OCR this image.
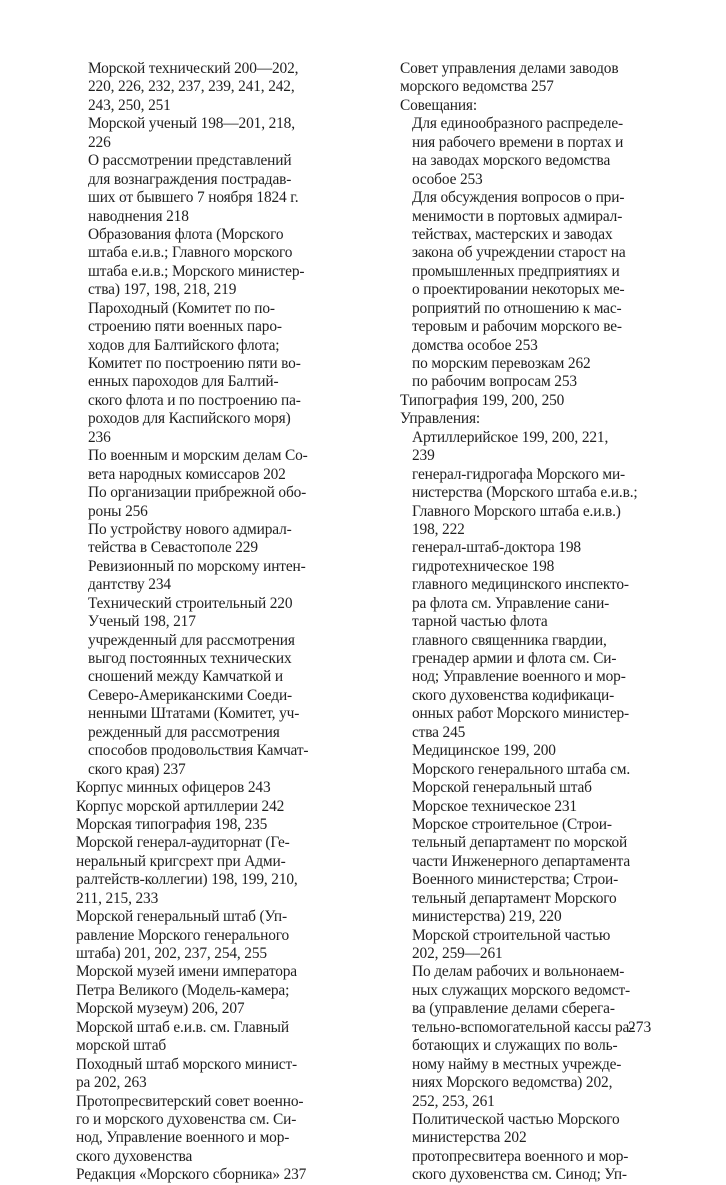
Морской технический 200—202,
220, 226, 232, 237, 239, 241, 242,
243, 250, 251
Морской ученый 198—201, 218,
226
О рассмотрении представлений
для вознаграждения пострадав-
ших от бывшего 7 ноября 1824 г.
наводнения 218
Образования флота (Морского
штаба е.и.в.; Главного морского
штаба е.и.в.; Морского министер-
ства) 197, 198, 218, 219
Пароходный (Комитет по по-
строению пяти военных паро-
ходов для Балтийского флота;
Комитет по построению пяти во-
енных пароходов для Балтий-
ского флота и по построению па-
роходов для Каспийского моря)
236
По военным и морским делам Со-
вета народных комиссаров 202
По организации прибрежной обо-
роны 256
По устройству нового адмирал-
тейства в Севастополе 229
Ревизионный по морскому интен-
дантству 234
Технический строительный 220
Ученый 198, 217
учрежденный для рассмотрения
выгод постоянных технических
сношений между Камчаткой и
Северо-Американскими Соеди-
ненными Штатами (Комитет, уч-
режденный для рассмотрения
способов продовольствия Камчат-
ского края) 237
Корпус минных офицеров 243
Корпус морской артиллерии 242
Морская типография 198, 235
Морской генерал-аудиторнат (Ге-
неральный кригсрехт при Адми-
ралтейств-коллегии) 198, 199, 210,
211, 215, 233
Морской генеральный штаб (Уп-
равление Морского генерального
штаба) 201, 202, 237, 254, 255
Морской музей имени императора
Петра Великого (Модель-камера;
Морской музеум) 206, 207
Морской штаб е.и.в. см. Главный
морской штаб
Походный штаб морского минист-
ра 202, 263
Протопресвитерский совет военно-
го и морского духовенства см. Си-
нод, Управление военного и мор-
ского духовенства
Редакция «Морского сборника» 237
Совет управления делами заводов
морского ведомства 257
Совещания:
Для единообразного распределе-
ния рабочего времени в портах и
на заводах морского ведомства
особое 253
Для обсуждения вопросов о при-
менимости в портовых адмирал-
тействах, мастерских и заводах
закона об учреждении старост на
промышленных предприятиях и
о проектировании некоторых ме-
роприятий по отношению к мас-
теровым и рабочим морского ве-
домства особое 253
по морским перевозкам 262
по рабочим вопросам 253
Типография 199, 200, 250
Управления:
Артиллерийское 199, 200, 221,
239
генерал-гидрогафа Морского ми-
нистерства (Морского штаба е.и.в.;
Главного Морского штаба е.и.в.)
198, 222
генерал-штаб-доктора 198
гидротехническое 198
главного медицинского инспекто-
ра флота см. Управление сани-
тарной частью флота
главного священника гвардии,
гренадер армии и флота см. Си-
нод; Управление военного и мор-
ского духовенства кодификаци-
онных работ Морского министер-
ства 245
Медицинское 199, 200
Морского генерального штаба см.
Морской генеральный штаб
Морское техническое 231
Морское строительное (Строи-
тельный департамент по морской
части Инженерного департамента
Военного министерства; Строи-
тельный департамент Морского
министерства) 219, 220
Морской строительной частью
202, 259—261
По делам рабочих и вольнонаем-
ных служащих морского ведомст-
ва (управление делами сберега-
тельно-вспомогательной кассы ра-
ботающих и служащих по воль-
ному найму в местных учрежде-
ниях Морского ведомства) 202,
252, 253, 261
Политической частью Морского
министерства 202
протопресвитера военного и мор-
ского духовенства см. Синод; Уп-
273
